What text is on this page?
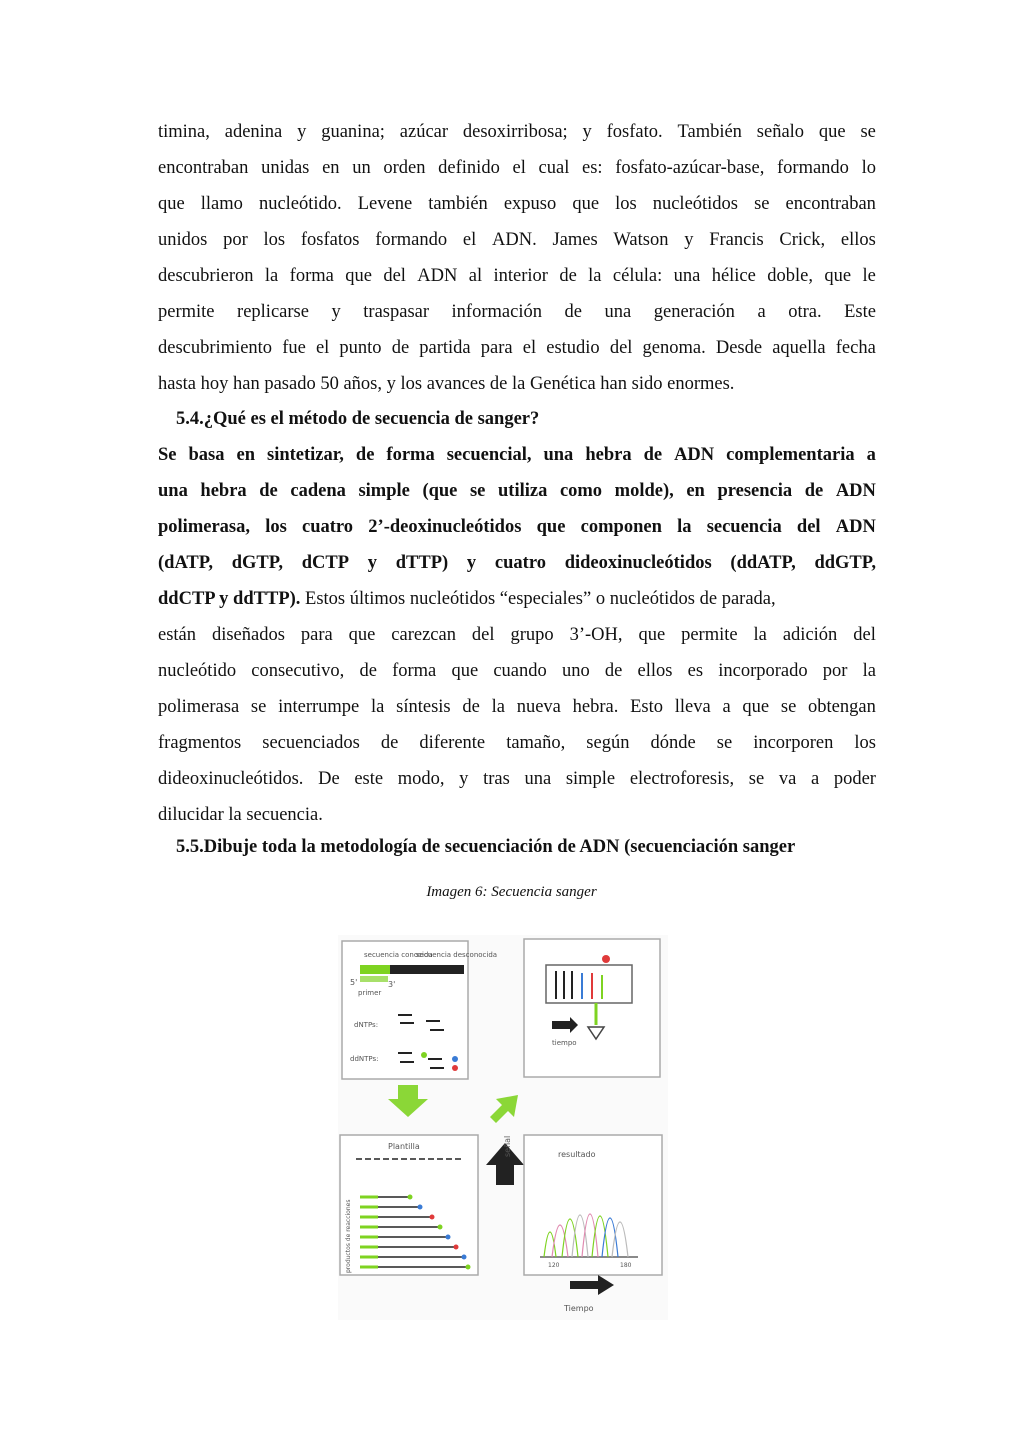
timina, adenina y guanina; azúcar desoxirribosa; y fosfato. También señalo que se
encontraban unidas en un orden definido el cual es: fosfato-azúcar-base, formando lo
que llamo nucleótido. Levene también expuso que los nucleótidos se encontraban
unidos por los fosfatos formando el ADN. James Watson y Francis Crick, ellos
descubrieron la forma que del ADN al interior de la célula: una hélice doble, que le
permite replicarse y traspasar información de una generación a otra. Este
descubrimiento fue el punto de partida para el estudio del genoma. Desde aquella fecha
hasta hoy han pasado 50 años, y los avances de la Genética han sido enormes.
5.4.¿Qué es el método de secuencia de sanger?
Se basa en sintetizar, de forma secuencial, una hebra de ADN complementaria a
una hebra de cadena simple (que se utiliza como molde), en presencia de ADN
polimerasa, los cuatro 2’-deoxinucleótidos que componen la secuencia del ADN
(dATP, dGTP, dCTP y dTTP) y cuatro dideoxinucleótidos (ddATP, ddGTP,
ddCTP y ddTTP). Estos últimos nucleótidos “especiales” o nucleótidos de parada,
están diseñados para que carezcan del grupo 3’-OH, que permite la adición del
nucleótido consecutivo, de forma que cuando uno de ellos es incorporado por la
polimerasa se interrumpe la síntesis de la nueva hebra. Esto lleva a que se obtengan
fragmentos secuenciados de diferente tamaño, según dónde se incorporen los
dideoxinucleótidos. De este modo, y tras una simple electroforesis, se va a poder
dilucidar la secuencia.
5.5.Dibuje toda la metodología de secuenciación de ADN (secuenciación sanger
Imagen 6: Secuencia sanger
secuencia conocida
secuencia desconocida
5'	3'
primer
dNTPs:
ddNTPs:
tiempo
Plantilla
productos de reacciones
señal	resultado
120	180
Tiempo
